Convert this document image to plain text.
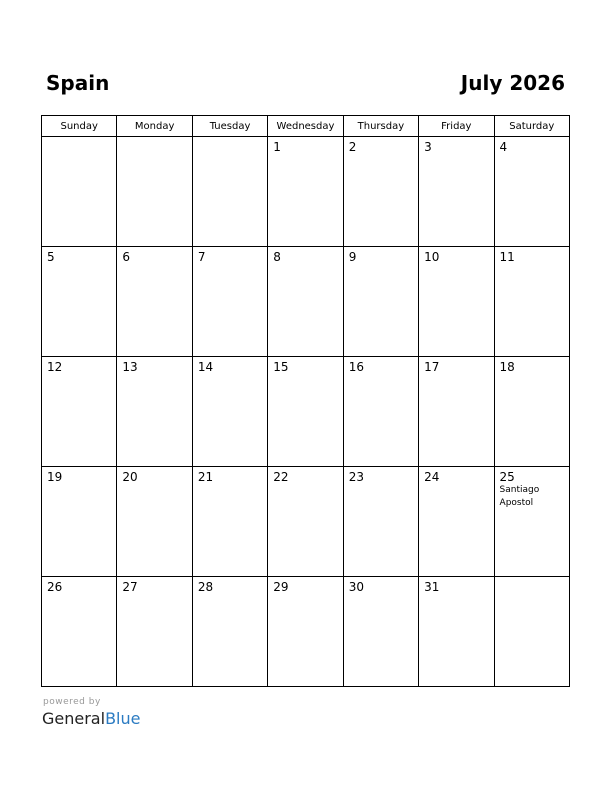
Spain	July 2026
Sunday	Monday	Tuesday	Wednesday	Thursday	Friday	Saturday

			1	2	3	4

5	6	7	8	9	10	11

12	13	14	15	16	17	18

19	20	21	22	23	24	25
Santiago Apostol

26	27	28	29	30	31	

powered by
GeneralBlue
